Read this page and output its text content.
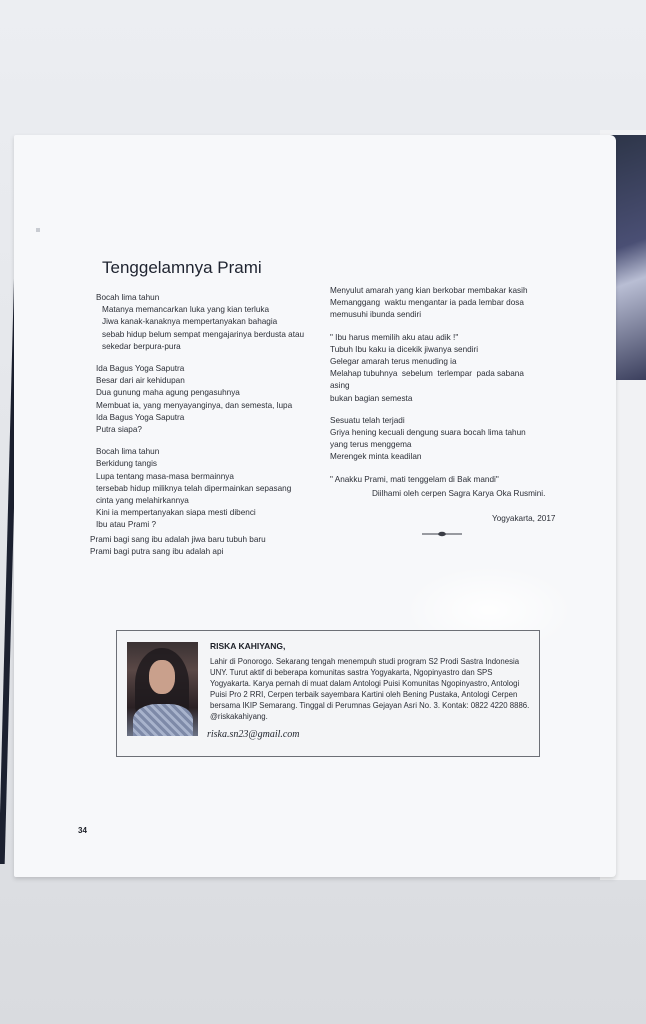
Tenggelamnya Prami
Bocah lima tahun
Matanya memancarkan luka yang kian terluka
Jiwa kanak-kanaknya mempertanyakan bahagia
sebab hidup belum sempat mengajarinya berdusta atau
sekedar berpura-pura
Ida Bagus Yoga Saputra
Besar dari air kehidupan
Dua gunung maha agung pengasuhnya
Membuat ia, yang menyayanginya, dan semesta, lupa
Ida Bagus Yoga Saputra
Putra siapa?
Bocah lima tahun
Berkidung tangis
Lupa tentang masa-masa bermainnya
tersebab hidup miliknya telah dipermainkan sepasang
cinta yang melahirkannya
Kini ia mempertanyakan siapa mesti dibenci
Ibu atau Prami ?
Prami bagi sang ibu adalah jiwa baru tubuh baru
Prami bagi putra sang ibu adalah api
Menyulut amarah yang kian berkobar membakar kasih
Memanggang  waktu mengantar ia pada lembar dosa
memusuhi ibunda sendiri
" Ibu harus memilih aku atau adik !"
Tubuh Ibu kaku ia dicekik jiwanya sendiri
Gelegar amarah terus menuding ia
Melahap tubuhnya  sebelum  terlempar  pada sabana
asing
bukan bagian semesta
Sesuatu telah terjadi
Griya hening kecuali dengung suara bocah lima tahun
yang terus menggema
Merengek minta keadilan
" Anakku Prami, mati tenggelam di Bak mandi"
Diilhami oleh cerpen Sagra Karya Oka Rusmini.
Yogyakarta, 2017
RISKA KAHIYANG,
Lahir di Ponorogo. Sekarang tengah menempuh studi program S2 Prodi Sastra Indonesia UNY. Turut aktif di beberapa komunitas sastra Yogyakarta, Ngopinyastro dan SPS Yogyakarta. Karya pernah di muat dalam Antologi Puisi Komunitas Ngopinyastro, Antologi Puisi Pro 2 RRI, Cerpen terbaik sayembara Kartini oleh Bening Pustaka, Antologi Cerpen bersama IKIP Semarang. Tinggal di Perumnas Gejayan Asri No. 3. Kontak: 0822 4220 8886. @riskakahiyang.
riska.sn23@gmail.com
34
